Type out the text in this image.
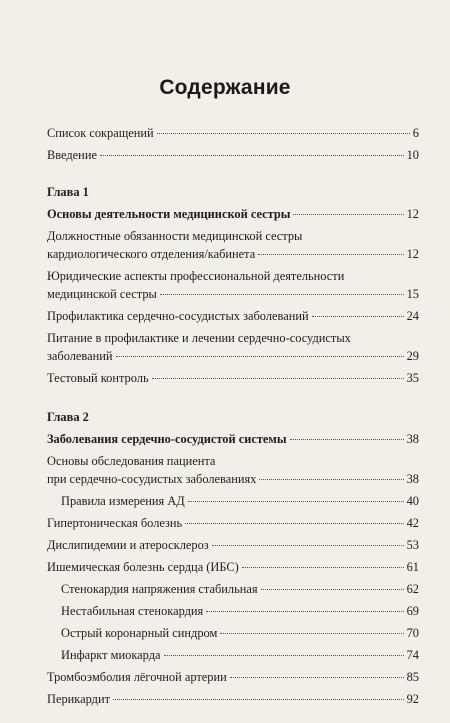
Содержание
Список сокращений	6
Введение	10
Глава 1
Основы деятельности медицинской сестры	12
Должностные обязанности медицинской сестры
кардиологического отделения/кабинета	12
Юридические аспекты профессиональной деятельности
медицинской сестры	15
Профилактика сердечно-сосудистых заболеваний	24
Питание в профилактике и лечении сердечно-сосудистых
заболеваний	29
Тестовый контроль	35
Глава 2
Заболевания сердечно-сосудистой системы	38
Основы обследования пациента
при сердечно-сосудистых заболеваниях	38
Правила измерения АД	40
Гипертоническая болезнь	42
Дислипидемии и атеросклероз	53
Ишемическая болезнь сердца (ИБС)	61
Стенокардия напряжения стабильная	62
Нестабильная стенокардия	69
Острый коронарный синдром	70
Инфаркт миокарда	74
Тромбоэмболия лёгочной артерии	85
Перикардит	92
